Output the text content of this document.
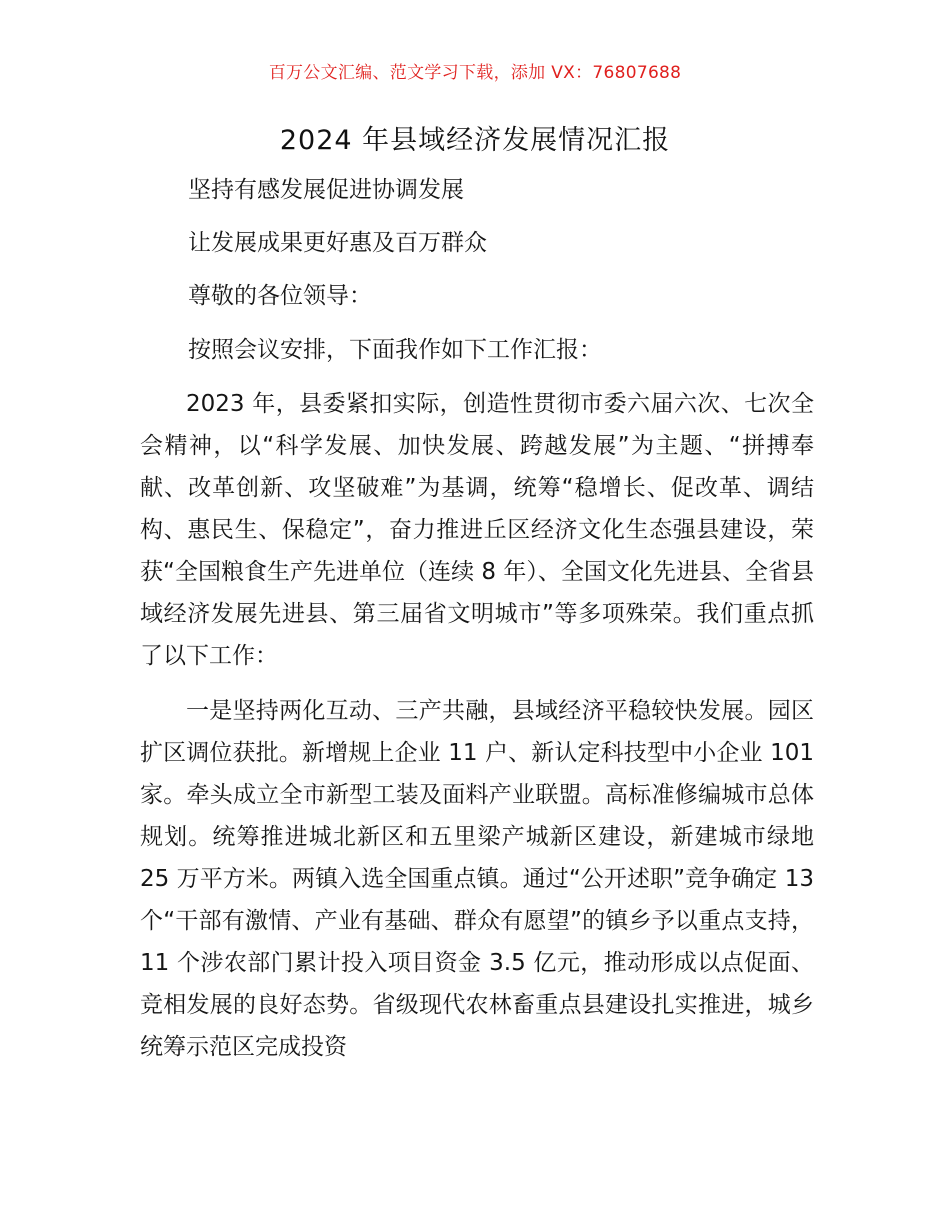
百万公文汇编、范文学习下载，添加 VX：76807688
2024 年县域经济发展情况汇报
坚持有感发展促进协调发展
让发展成果更好惠及百万群众
尊敬的各位领导：
按照会议安排，下面我作如下工作汇报：

2023 年，县委紧扣实际，创造性贯彻市委六届六次、七次全会精神，以“科学发展、加快发展、跨越发展”为主题、“拼搏奉献、改革创新、攻坚破难”为基调，统筹“稳增长、促改革、调结构、惠民生、保稳定”，奋力推进丘区经济文化生态强县建设，荣获“全国粮食生产先进单位（连续 8 年）、全国文化先进县、全省县域经济发展先进县、第三届省文明城市”等多项殊荣。我们重点抓了以下工作：

一是坚持两化互动、三产共融，县域经济平稳较快发展。园区扩区调位获批。新增规上企业 11 户、新认定科技型中小企业 101 家。牵头成立全市新型工装及面料产业联盟。高标准修编城市总体规划。统筹推进城北新区和五里梁产城新区建设，新建城市绿地 25 万平方米。两镇入选全国重点镇。通过“公开述职”竞争确定 13 个“干部有激情、产业有基础、群众有愿望”的镇乡予以重点支持，11 个涉农部门累计投入项目资金 3.5 亿元，推动形成以点促面、竞相发展的良好态势。省级现代农林畜重点县建设扎实推进，城乡统筹示范区完成投资
